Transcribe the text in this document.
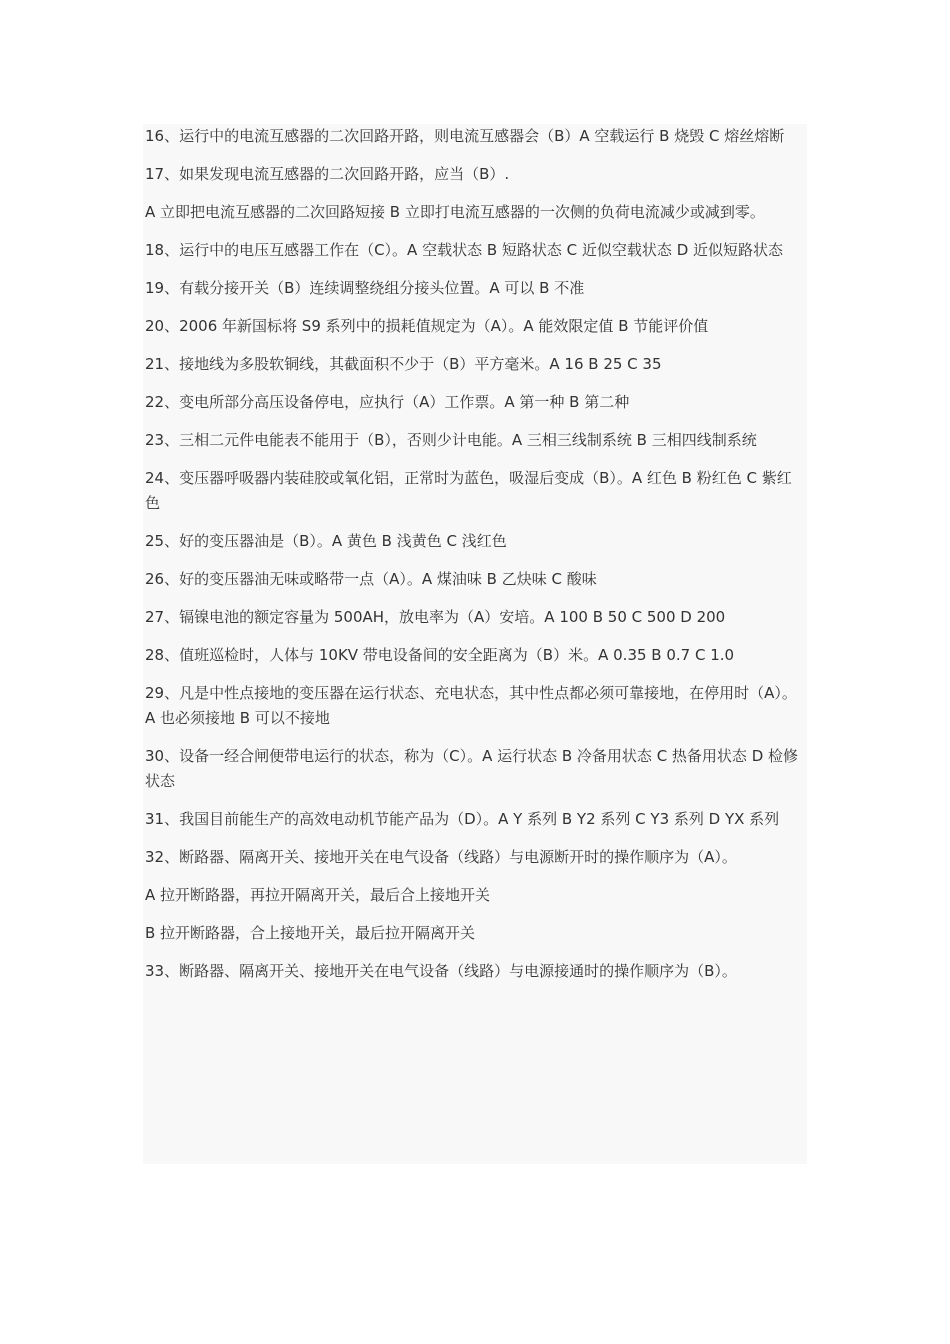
16、运行中的电流互感器的二次回路开路，则电流互感器会（B）A 空载运行 B 烧毁 C 熔丝熔断

17、如果发现电流互感器的二次回路开路，应当（B）.

A 立即把电流互感器的二次回路短接 B 立即打电流互感器的一次侧的负荷电流减少或减到零。

18、运行中的电压互感器工作在（C）。A 空载状态 B 短路状态 C 近似空载状态 D 近似短路状态

19、有载分接开关（B）连续调整绕组分接头位置。A 可以 B 不准

20、2006 年新国标将 S9 系列中的损耗值规定为（A）。A 能效限定值 B 节能评价值

21、接地线为多股软铜线，其截面积不少于（B）平方毫米。A 16 B 25 C 35

22、变电所部分高压设备停电，应执行（A）工作票。A 第一种 B 第二种

23、三相二元件电能表不能用于（B），否则少计电能。A 三相三线制系统 B 三相四线制系统

24、变压器呼吸器内装硅胶或氧化铝，正常时为蓝色，吸湿后变成（B）。A 红色 B 粉红色 C 紫红色

25、好的变压器油是（B）。A 黄色 B 浅黄色 C 浅红色

26、好的变压器油无味或略带一点（A）。A 煤油味 B 乙炔味 C 酸味

27、镉镍电池的额定容量为 500AH，放电率为（A）安培。A 100 B 50 C 500 D 200

28、值班巡检时，人体与 10KV 带电设备间的安全距离为（B）米。A 0.35 B 0.7 C 1.0

29、凡是中性点接地的变压器在运行状态、充电状态，其中性点都必须可靠接地，在停用时（A）。A 也必须接地 B 可以不接地

30、设备一经合闸便带电运行的状态，称为（C）。A 运行状态 B 冷备用状态 C 热备用状态 D 检修状态

31、我国目前能生产的高效电动机节能产品为（D）。A Y 系列 B Y2 系列 C Y3 系列 D YX 系列

32、断路器、隔离开关、接地开关在电气设备（线路）与电源断开时的操作顺序为（A）。

A 拉开断路器，再拉开隔离开关，最后合上接地开关

B 拉开断路器，合上接地开关，最后拉开隔离开关

33、断路器、隔离开关、接地开关在电气设备（线路）与电源接通时的操作顺序为（B）。
